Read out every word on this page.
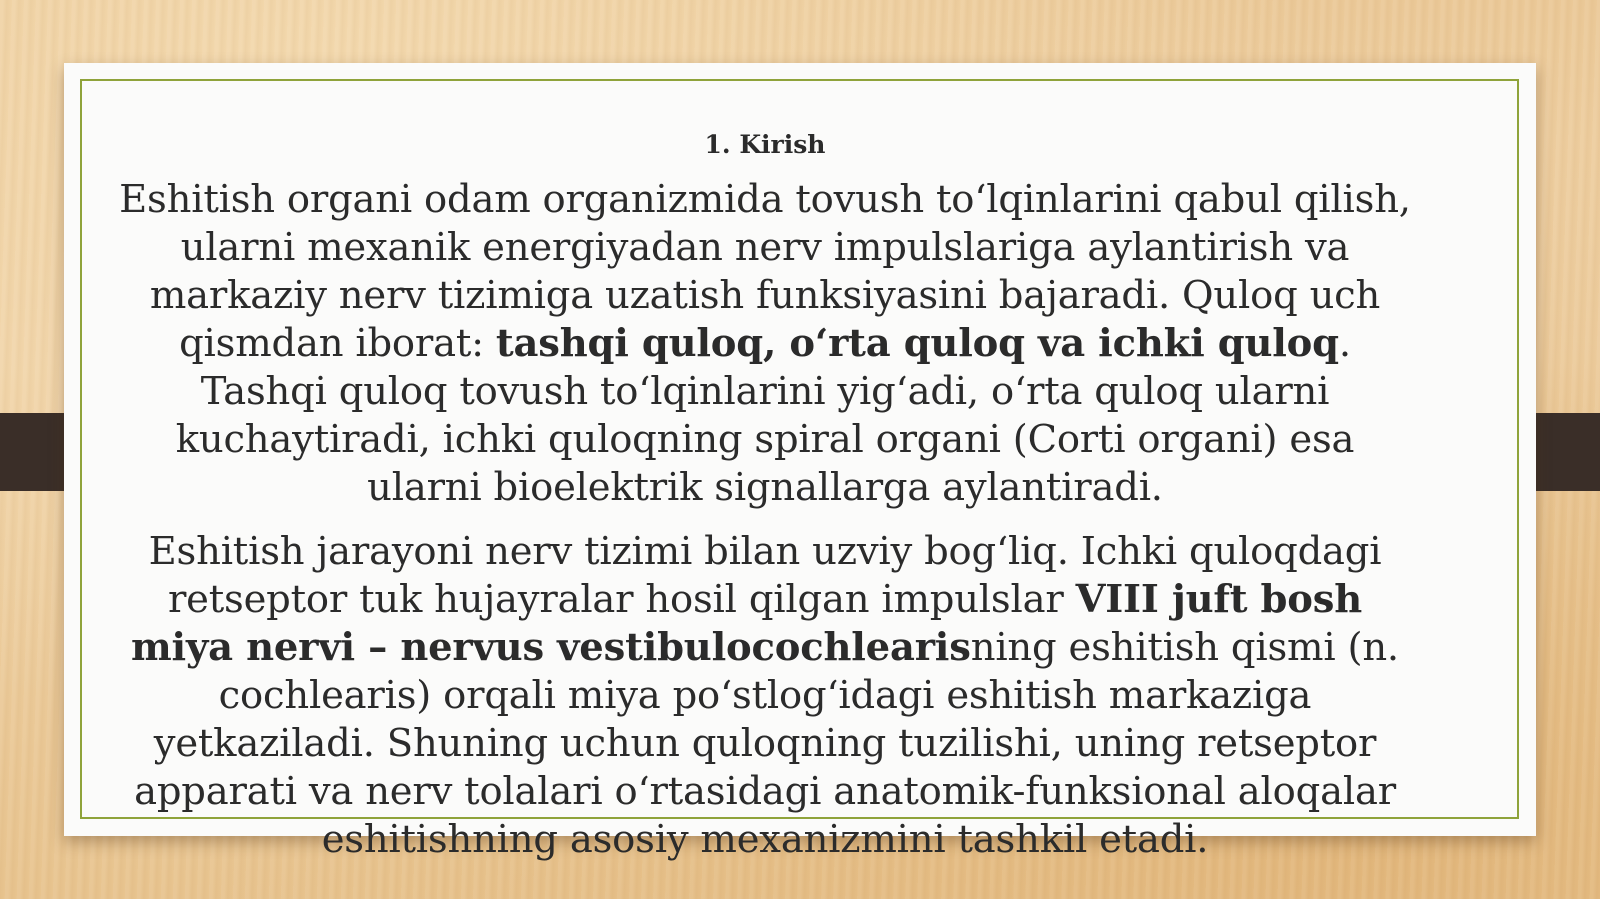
1. Kirish

Eshitish organi odam organizmida tovush to‘lqinlarini qabul qilish, ularni mexanik energiyadan nerv impulslariga aylantirish va markaziy nerv tizimiga uzatish funksiyasini bajaradi. Quloq uch qismdan iborat: tashqi quloq, o‘rta quloq va ichki quloq. Tashqi quloq tovush to‘lqinlarini yig‘adi, o‘rta quloq ularni kuchaytiradi, ichki quloqning spiral organi (Corti organi) esa ularni bioelektrik signallarga aylantiradi.

Eshitish jarayoni nerv tizimi bilan uzviy bog‘liq. Ichki quloqdagi retseptor tuk hujayralar hosil qilgan impulslar VIII juft bosh miya nervi – nervus vestibulocochlearisning eshitish qismi (n. cochlearis) orqali miya po‘stlog‘idagi eshitish markaziga yetkaziladi. Shuning uchun quloqning tuzilishi, uning retseptor apparati va nerv tolalari o‘rtasidagi anatomik-funksional aloqalar eshitishning asosiy mexanizmini tashkil etadi.
